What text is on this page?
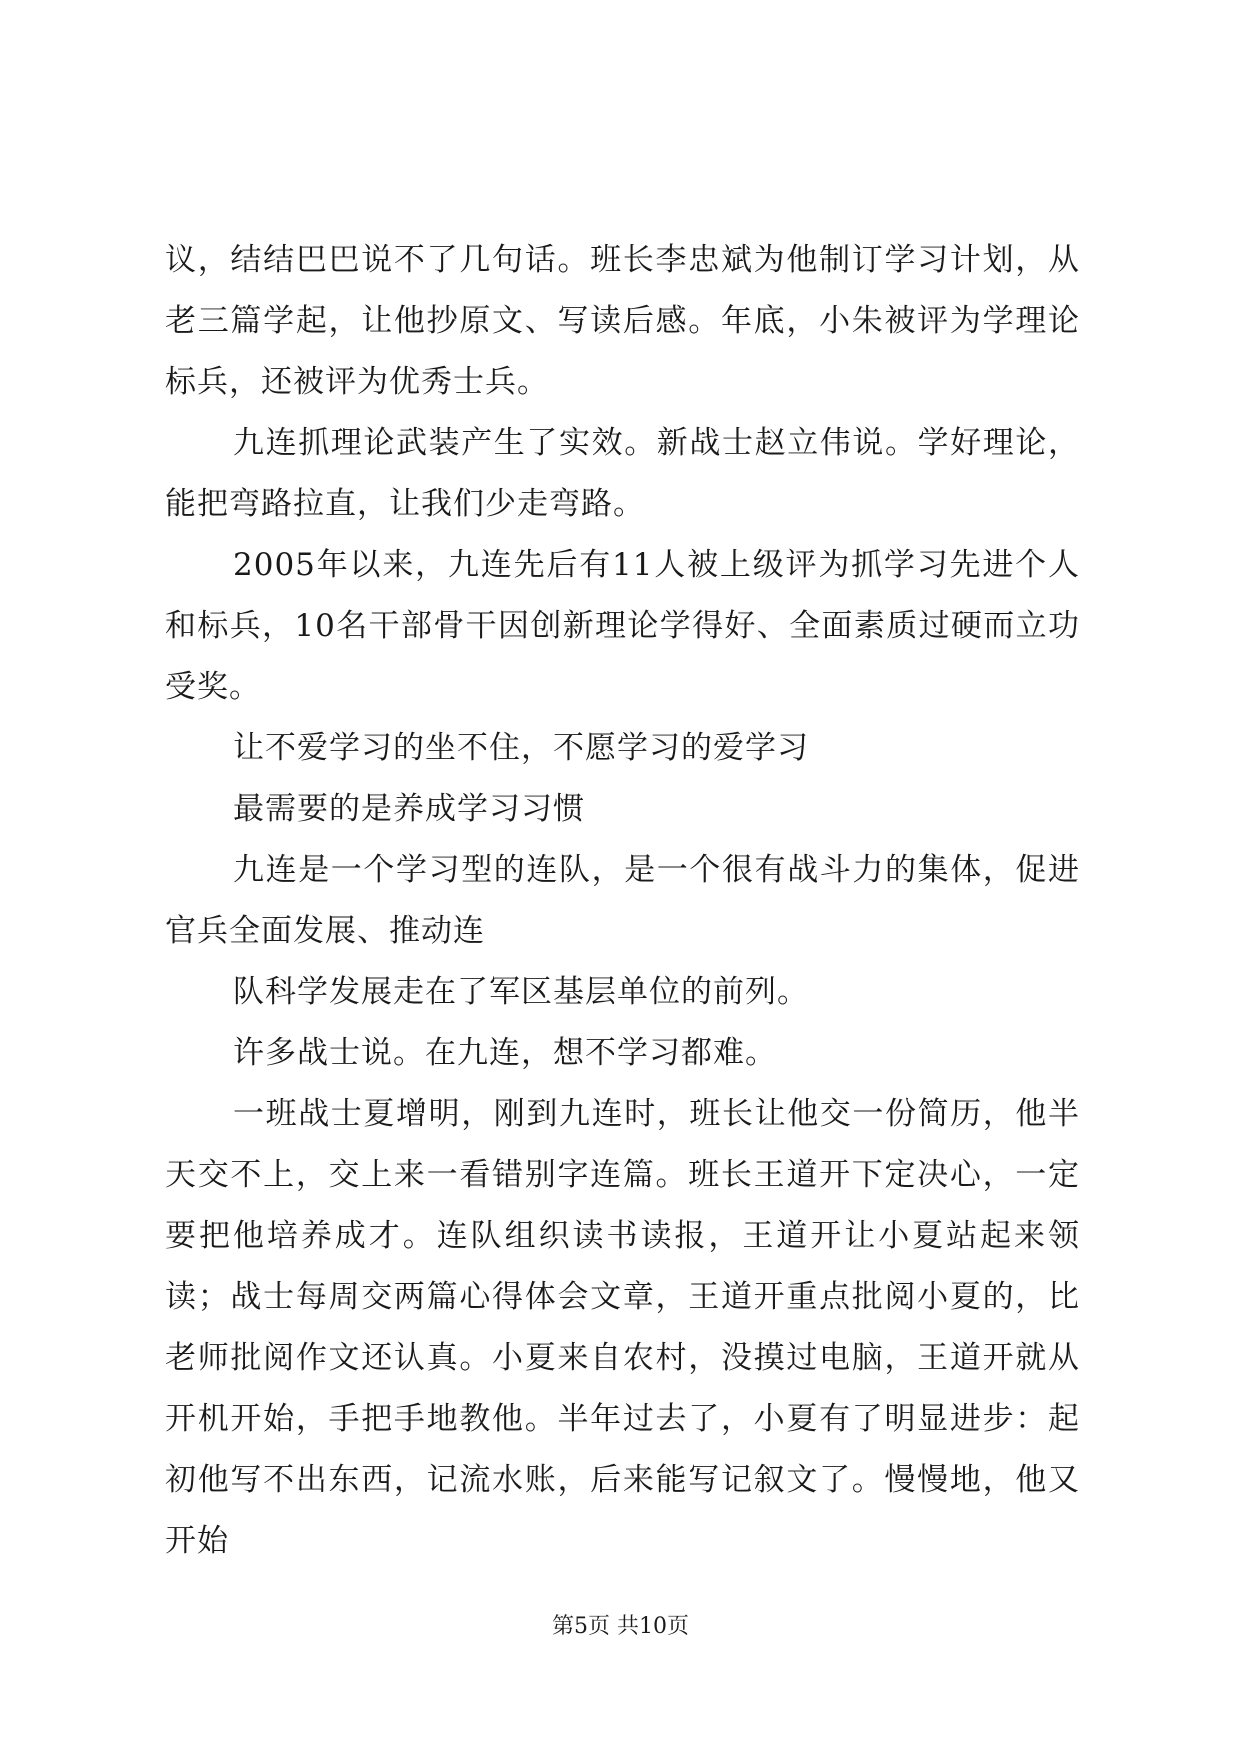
议，结结巴巴说不了几句话。班长李忠斌为他制订学习计划，从老三篇学起，让他抄原文、写读后感。年底，小朱被评为学理论标兵，还被评为优秀士兵。

九连抓理论武装产生了实效。新战士赵立伟说。学好理论，能把弯路拉直，让我们少走弯路。

2005年以来，九连先后有11人被上级评为抓学习先进个人和标兵，10名干部骨干因创新理论学得好、全面素质过硬而立功受奖。

让不爱学习的坐不住，不愿学习的爱学习

最需要的是养成学习习惯

九连是一个学习型的连队，是一个很有战斗力的集体，促进官兵全面发展、推动连

队科学发展走在了军区基层单位的前列。

许多战士说。在九连，想不学习都难。

一班战士夏增明，刚到九连时，班长让他交一份简历，他半天交不上，交上来一看错别字连篇。班长王道开下定决心，一定要把他培养成才。连队组织读书读报，王道开让小夏站起来领读；战士每周交两篇心得体会文章，王道开重点批阅小夏的，比老师批阅作文还认真。小夏来自农村，没摸过电脑，王道开就从开机开始，手把手地教他。半年过去了，小夏有了明显进步：起初他写不出东西，记流水账，后来能写记叙文了。慢慢地，他又开始

第5页 共10页
